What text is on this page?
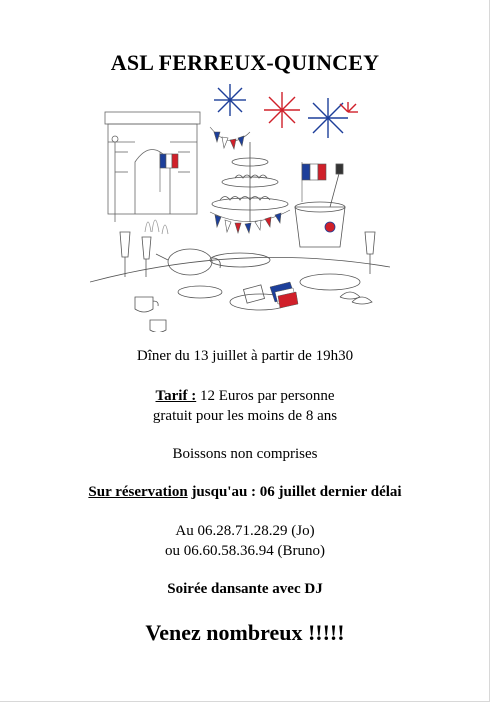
ASL FERREUX-QUINCEY
Dîner du 13 juillet à partir de 19h30
Tarif : 12 Euros par personne
gratuit pour les moins de 8 ans
Boissons non comprises
Sur réservation jusqu'au : 06 juillet dernier délai
Au 06.28.71.28.29 (Jo)
ou 06.60.58.36.94 (Bruno)
Soirée dansante avec DJ
Venez nombreux !!!!!
